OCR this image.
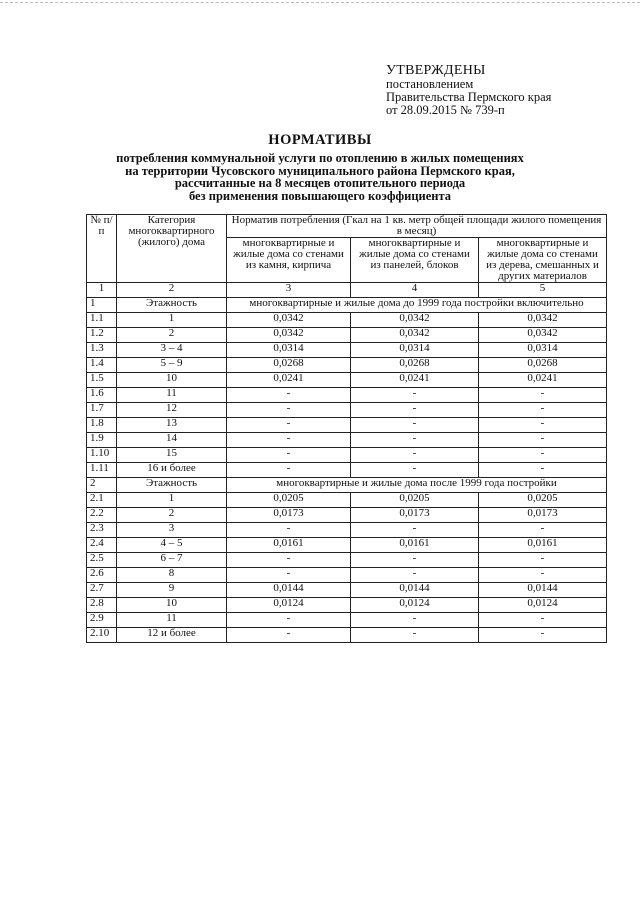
УТВЕРЖДЕНЫ
постановлением
Правительства Пермского края
от 28.09.2015 № 739-п
НОРМАТИВЫ
потребления коммунальной услуги по отоплению в жилых помещениях
на территории Чусовского муниципального района Пермского края,
рассчитанные на 8 месяцев отопительного периода
без применения повышающего коэффициента
№ п/п	Категория многоквартирного (жилого) дома	Норматив потребления (Гкал на 1 кв. метр общей площади жилого помещения в месяц)		
		многоквартирные и жилые дома со стенами из камня, кирпича	многоквартирные и жилые дома со стенами из панелей, блоков	многоквартирные и жилые дома со стенами из дерева, смешанных и других материалов
1	2	3	4	5
1	Этажность	многоквартирные и жилые дома до 1999 года постройки включительно		
1.1	1	0,0342	0,0342	0,0342
1.2	2	0,0342	0,0342	0,0342
1.3	3 – 4	0,0314	0,0314	0,0314
1.4	5 – 9	0,0268	0,0268	0,0268
1.5	10	0,0241	0,0241	0,0241
1.6	11	-	-	-
1.7	12	-	-	-
1.8	13	-	-	-
1.9	14	-	-	-
1.10	15	-	-	-
1.11	16 и более	-	-	-
2	Этажность	многоквартирные и жилые дома после 1999 года постройки		
2.1	1	0,0205	0,0205	0,0205
2.2	2	0,0173	0,0173	0,0173
2.3	3	-	-	-
2.4	4 – 5	0,0161	0,0161	0,0161
2.5	6 – 7	-	-	-
2.6	8	-	-	-
2.7	9	0,0144	0,0144	0,0144
2.8	10	0,0124	0,0124	0,0124
2.9	11	-	-	-
2.10	12 и более	-	-	-
